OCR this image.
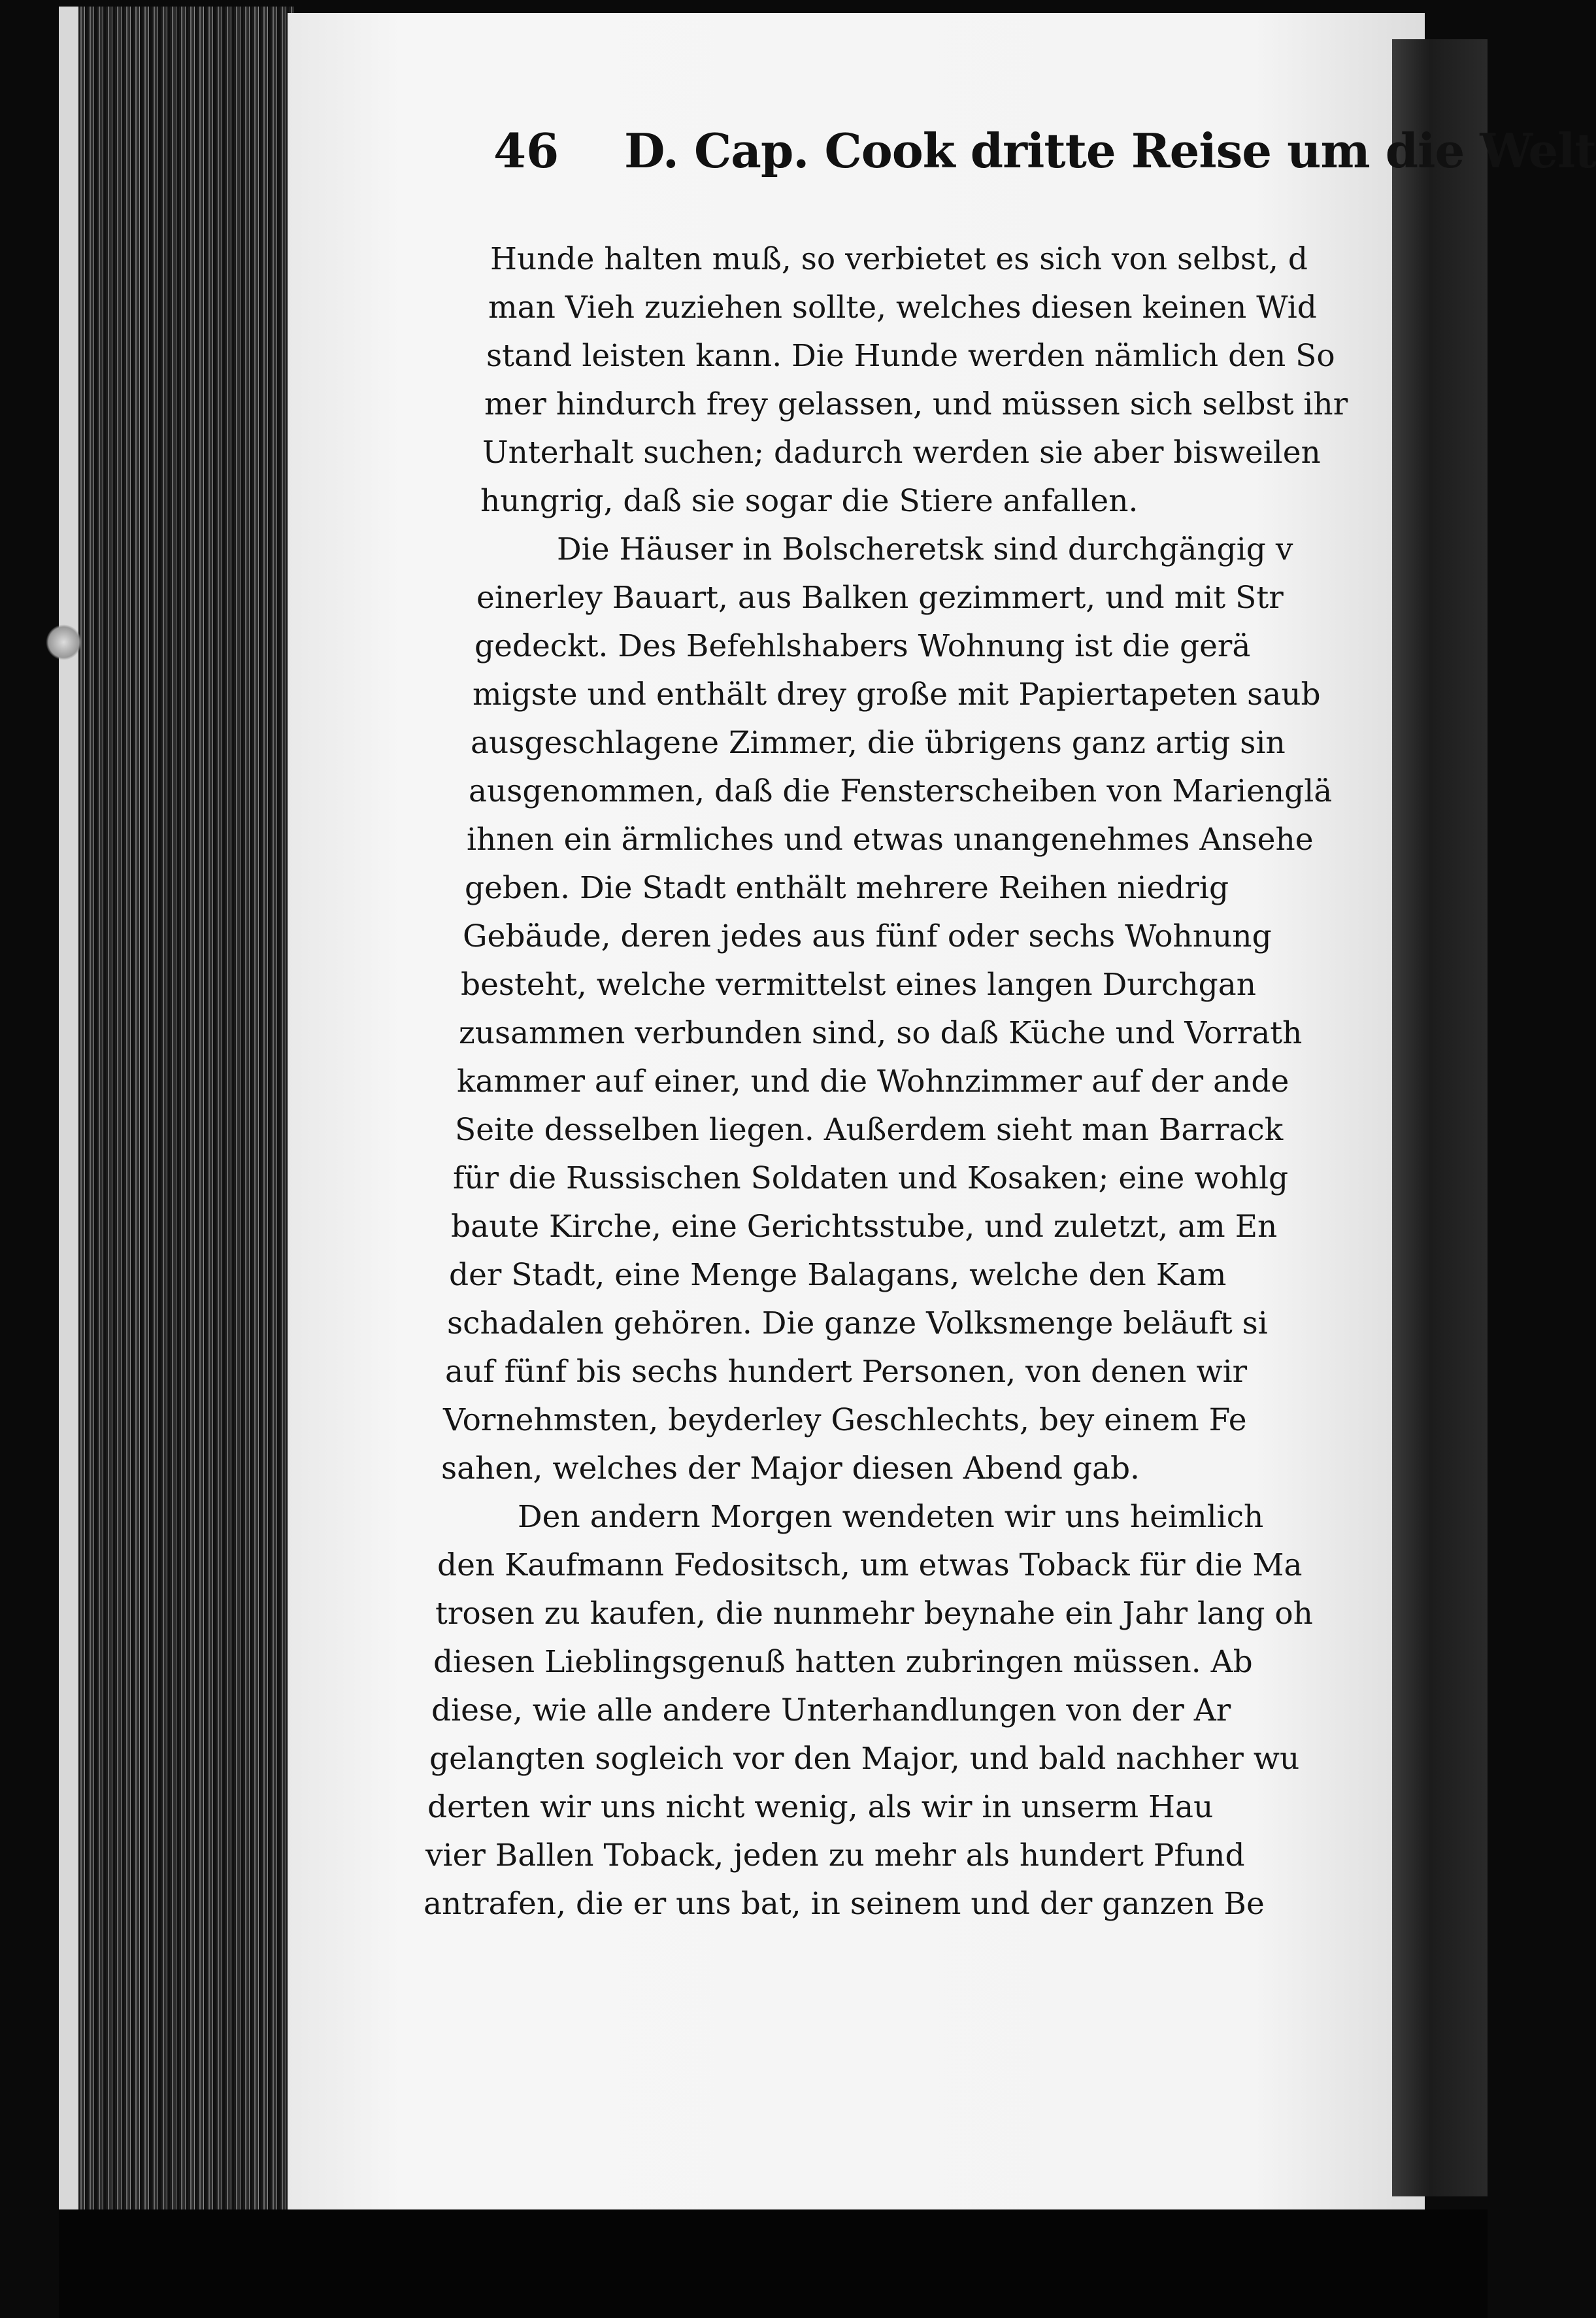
46 D. Cap. Cook dritte Reise um die Welt
Hunde halten muß, so verbietet es sich von selbst, d
man Vieh zuziehen sollte, welches diesen keinen Wid
stand leisten kann. Die Hunde werden nämlich den So
mer hindurch frey gelassen, und müssen sich selbst ihr
Unterhalt suchen; dadurch werden sie aber bisweilen
hungrig, daß sie sogar die Stiere anfallen.
Die Häuser in Bolscheretsk sind durchgängig v
einerley Bauart, aus Balken gezimmert, und mit Str
gedeckt. Des Befehlshabers Wohnung ist die gerä
migste und enthält drey große mit Papiertapeten saub
ausgeschlagene Zimmer, die übrigens ganz artig sin
ausgenommen, daß die Fensterscheiben von Marienglä
ihnen ein ärmliches und etwas unangenehmes Ansehe
geben. Die Stadt enthält mehrere Reihen niedrig
Gebäude, deren jedes aus fünf oder sechs Wohnung
besteht, welche vermittelst eines langen Durchgan
zusammen verbunden sind, so daß Küche und Vorrath
kammer auf einer, und die Wohnzimmer auf der ande
Seite desselben liegen. Außerdem sieht man Barrack
für die Russischen Soldaten und Kosaken; eine wohlg
baute Kirche, eine Gerichtsstube, und zuletzt, am En
der Stadt, eine Menge Balagans, welche den Kam
schadalen gehören. Die ganze Volksmenge beläuft si
auf fünf bis sechs hundert Personen, von denen wir
Vornehmsten, beyderley Geschlechts, bey einem Fe
sahen, welches der Major diesen Abend gab.
Den andern Morgen wendeten wir uns heimlich
den Kaufmann Fedositsch, um etwas Toback für die Ma
trosen zu kaufen, die nunmehr beynahe ein Jahr lang oh
diesen Lieblingsgenuß hatten zubringen müssen. Ab
diese, wie alle andere Unterhandlungen von der Ar
gelangten sogleich vor den Major, und bald nachher wu
derten wir uns nicht wenig, als wir in unserm Hau
vier Ballen Toback, jeden zu mehr als hundert Pfund
antrafen, die er uns bat, in seinem und der ganzen Be
